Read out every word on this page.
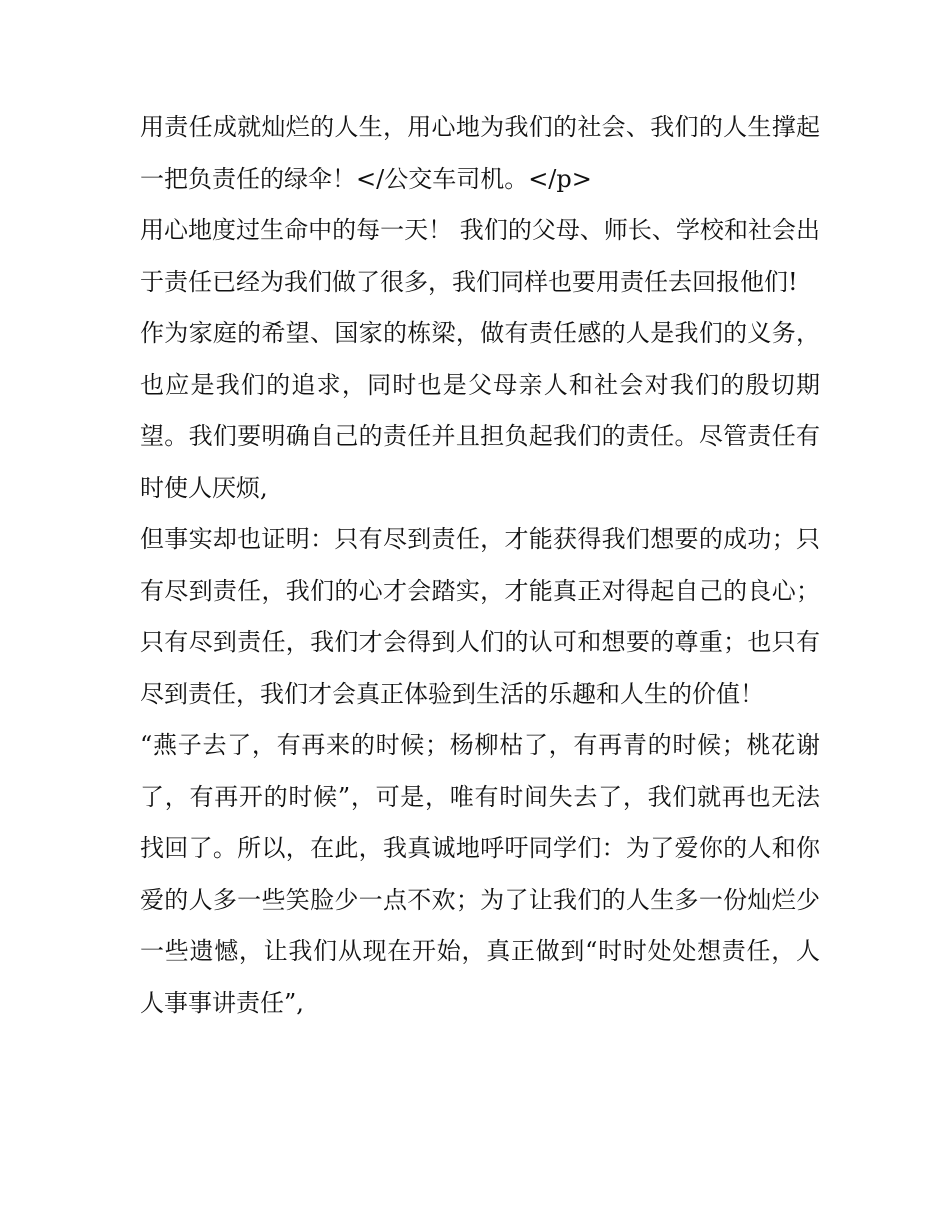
用责任成就灿烂的人生，用心地为我们的社会、我们的人生撑起一把负责任的绿伞！</公交车司机。</p>

用心地度过生命中的每一天！ 我们的父母、师长、学校和社会出于责任已经为我们做了很多，我们同样也要用责任去回报他们!

作为家庭的希望、国家的栋梁，做有责任感的人是我们的义务，也应是我们的追求，同时也是父母亲人和社会对我们的殷切期望。我们要明确自己的责任并且担负起我们的责任。尽管责任有时使人厌烦,

但事实却也证明：只有尽到责任，才能获得我们想要的成功；只有尽到责任，我们的心才会踏实，才能真正对得起自己的良心；只有尽到责任，我们才会得到人们的认可和想要的尊重；也只有尽到责任，我们才会真正体验到生活的乐趣和人生的价值！

“燕子去了，有再来的时候；杨柳枯了，有再青的时候；桃花谢了，有再开的时候”，可是，唯有时间失去了，我们就再也无法找回了。所以，在此，我真诚地呼吁同学们：为了爱你的人和你爱的人多一些笑脸少一点不欢；为了让我们的人生多一份灿烂少一些遗憾，让我们从现在开始，真正做到“时时处处想责任，人人事事讲责任”,
